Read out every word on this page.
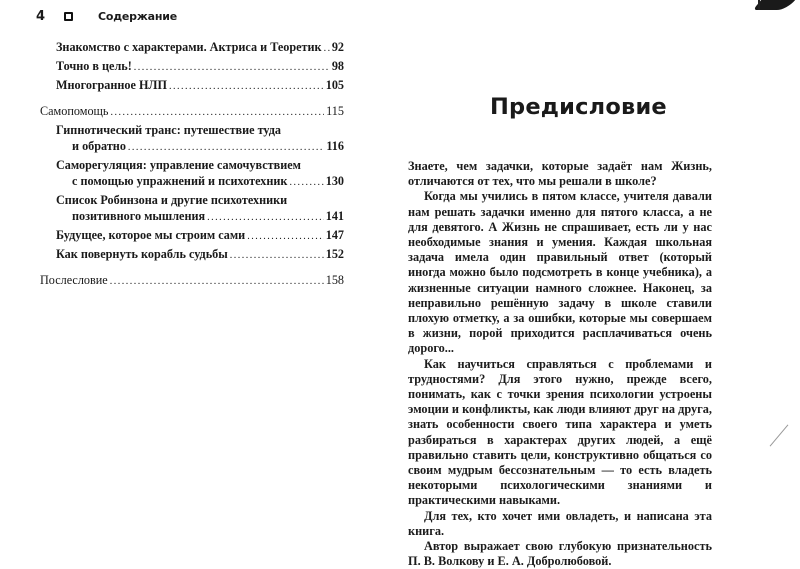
4	Содержание
Знакомство с характерами. Актриса и Теоретик ..... 92
Точно в цель! .....	98
Многогранное НЛП .....	105
Самопомощь .....	115
Гипнотический транс: путешествие туда
и обратно .....	116
Саморегуляция: управление самочувствием
с помощью упражнений и психотехник .....	130
Список Робинзона и другие психотехники
позитивного мышления .....	141
Будущее, которое мы строим сами .....	147
Как повернуть корабль судьбы .....	152
Послесловие .....	158
Предисловие

Знаете, чем задачки, которые задаёт нам Жизнь, отличаются от тех, что мы решали в школе?

Когда мы учились в пятом классе, учителя давали нам решать задачки именно для пятого класса, а не для девятого. А Жизнь не спрашивает, есть ли у нас необходимые знания и умения. Каждая школьная задача имела один правильный ответ (который иногда можно было подсмотреть в конце учебника), а жизненные ситуации намного сложнее. Наконец, за неправильно решённую задачу в школе ставили плохую отметку, а за ошибки, которые мы совершаем в жизни, порой приходится расплачиваться очень дорого...

Как научиться справляться с проблемами и трудностями? Для этого нужно, прежде всего, понимать, как с точки зрения психологии устроены эмоции и конфликты, как люди влияют друг на друга, знать особенности своего типа характера и уметь разбираться в характерах других людей, а ещё правильно ставить цели, конструктивно общаться со своим мудрым бессознательным — то есть владеть некоторыми психологическими знаниями и практическими навыками.

Для тех, кто хочет ими овладеть, и написана эта книга.

Автор выражает свою глубокую признательность П. В. Волкову и Е. А. Добролюбовой.
